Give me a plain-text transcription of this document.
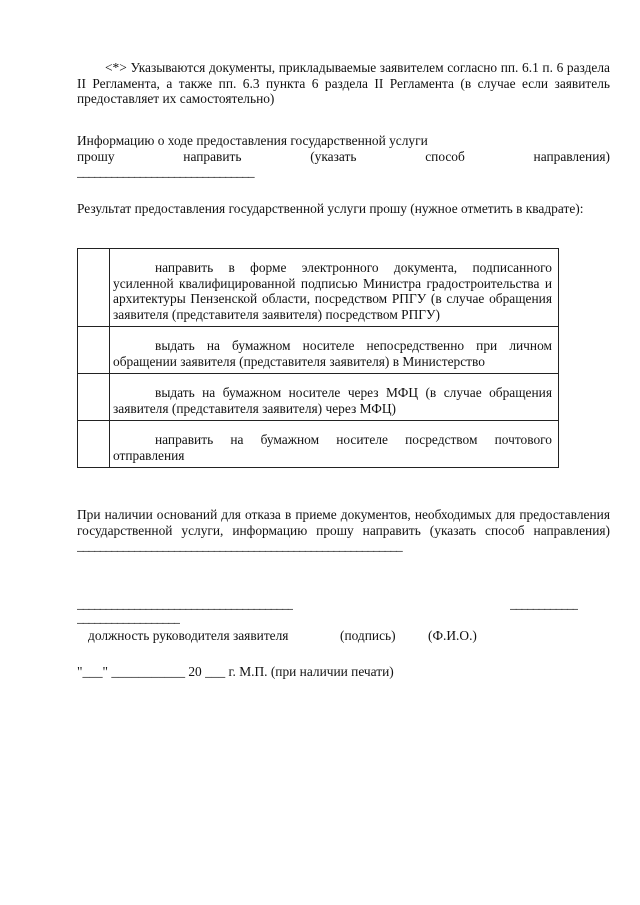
<*> Указываются документы, прикладываемые заявителем согласно пп. 6.1 п. 6 раздела II Регламента, а также пп. 6.3 пункта 6 раздела II Регламента (в случае если заявитель предоставляет их самостоятельно)
Информацию о ходе предоставления государственной услуги
прошу направить (указать способ направления)
_______________________________
Результат предоставления государственной услуги прошу (нужное отметить в квадрате):

	направить в форме электронного документа, подписанного усиленной квалифицированной подписью Министра градостроительства и архитектуры Пензенской области, посредством РПГУ (в случае обращения заявителя (представителя заявителя) посредством РПГУ)

	выдать на бумажном носителе непосредственно при личном обращении заявителя (представителя заявителя) в Министерство

	выдать на бумажном носителе через МФЦ (в случае обращения заявителя (представителя заявителя) через МФЦ)

	направить на бумажном носителе посредством почтового отправления
При наличии оснований для отказа в приеме документов, необходимых для предоставления государственной услуги, информацию прошу направить (указать способ направления)
_________________________________________________________
______________________________________	____________
__________________
должность руководителя заявителя	(подпись) (Ф.И.О.)
"___" ___________ 20 ___ г. М.П. (при наличии печати)
